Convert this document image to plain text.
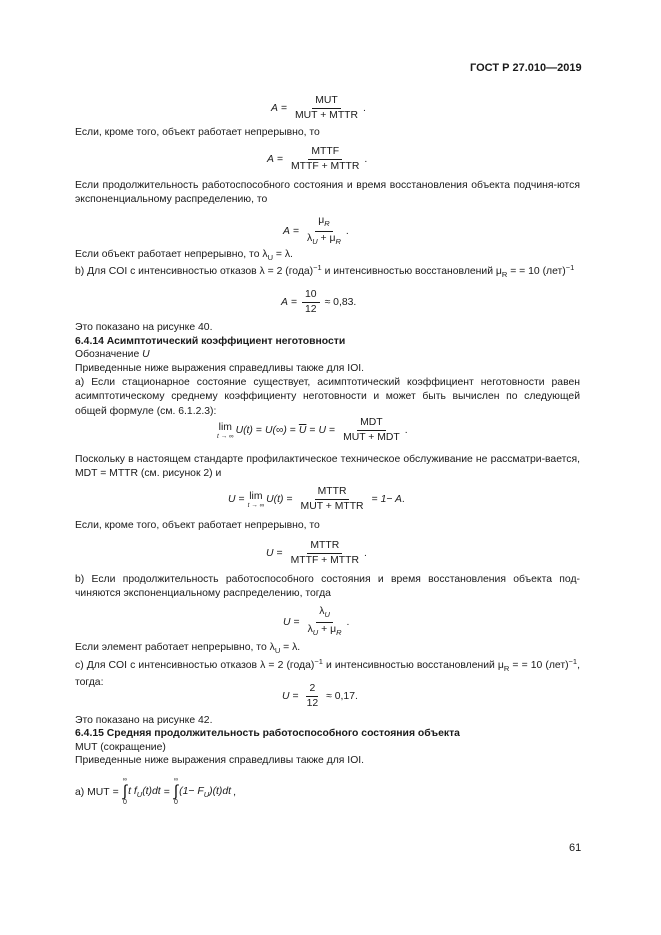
ГОСТ Р 27.010—2019
$A = \frac{\text{MUT}}{\text{MUT + MTTR}}$ .
Если, кроме того, объект работает непрерывно, то
$A = \frac{\text{MTTF}}{\text{MTTF + MTTR}}$ .
Если продолжительность работоспособного состояния и время восстановления объекта подчиня-ются экспоненциальному распределению, то
$A = \frac{\mu_R}{\lambda_U + \mu_R}$ .
Если объект работает непрерывно, то $\lambda_U = \lambda$.
b) Для COI с интенсивностью отказов λ = 2 (года)$^{-1}$ и интенсивностью восстановлений $\mu_R$ = = 10 (лет)$^{-1}$
$A = \frac{10}{12} \approx 0,83$.
Это показано на рисунке 40.
6.4.14 Асимптотический коэффициент неготовности
Обозначение U
Приведенные ниже выражения справедливы также для IOI.
а) Если стационарное состояние существует, асимптотический коэффициент неготовности равен асимптотическому среднему коэффициенту неготовности и может быть вычислен по следующей общей формуле (см. 6.1.2.3):
lim
t → ∞ $U(t) = U(\infty) = \overline{U} = U = \frac{\text{MDT}}{\text{MUT + MDT}}$ .
Поскольку в настоящем стандарте профилактическое техническое обслуживание не рассматри-вается, MDT = MTTR (см. рисунок 2) и
U = lim
t → ∞ $U(t) = \frac{\text{MTTR}}{\text{MUT + MTTR}} = 1- A$ .
Если, кроме того, объект работает непрерывно, то
$U = \frac{\text{MTTR}}{\text{MTTF + MTTR}}$ .
b) Если продолжительность работоспособного состояния и время восстановления объекта под-чиняются экспоненциальному распределению, тогда
$U = \frac{\lambda_U}{\lambda_U + \mu_R}$ .
Если элемент работает непрерывно, то $\lambda_U = \lambda$.
с) Для COI с интенсивностью отказов λ = 2 (года)$^{-1}$ и интенсивностью восстановлений $\mu_R$ = = 10 (лет)$^{-1}$, тогда:
$U = \frac{2}{12} \approx 0,17$.
Это показано на рисунке 42.
6.4.15 Средняя продолжительность работоспособного состояния объекта
MUT (сокращение)
Приведенные ниже выражения справедливы также для IOI.
а) MUT =
∞
∫
0
t $f_U(t)dt$ =
∞
∫
0
$(1- F_U)(t)dt$ ,
61
